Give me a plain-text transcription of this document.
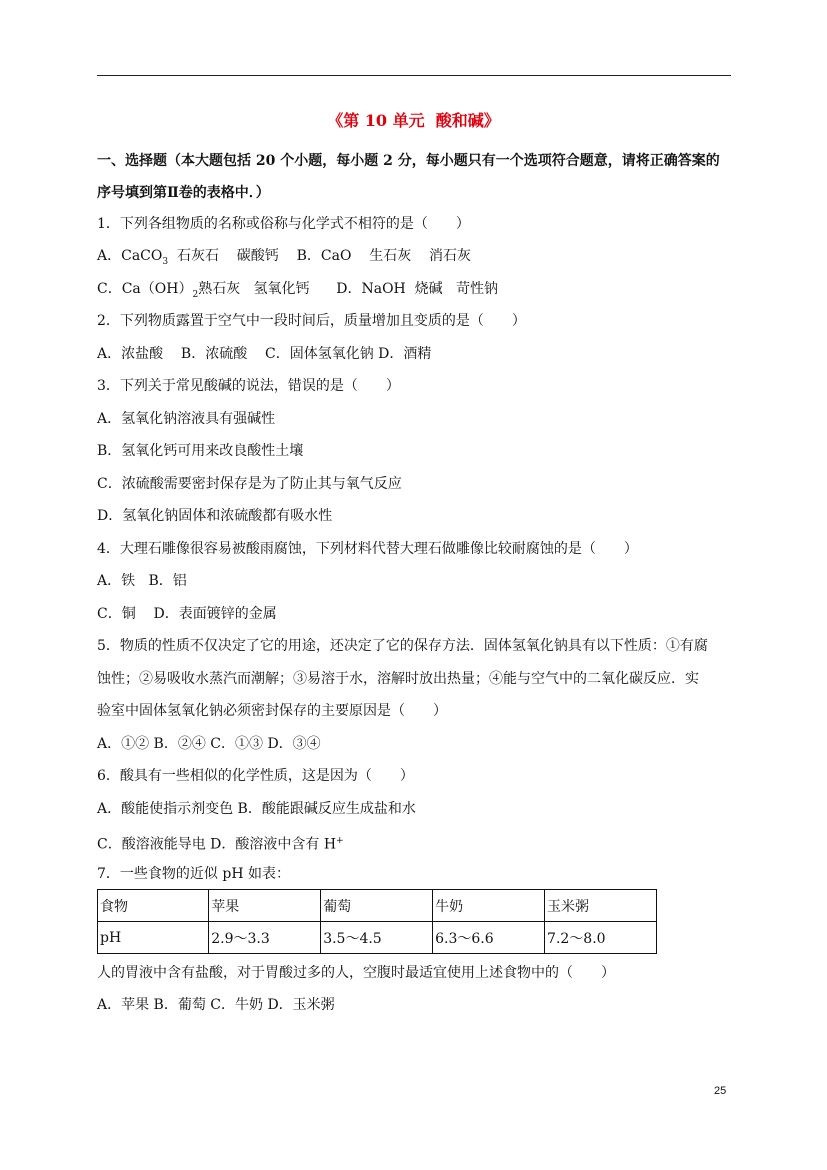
《第 10 单元  酸和碱》
一、选择题（本大题包括 20 个小题，每小题 2 分，每小题只有一个选项符合题意，请将正确答案的
序号填到第Ⅱ卷的表格中．）
1．下列各组物质的名称或俗称与化学式不相符的是（　　）
A．CaCO$_3$  石灰石    碳酸钙    B．CaO    生石灰    消石灰
C．$Ca(OH)_2$熟石灰   氢氧化钙      D．NaOH  烧碱   苛性钠
2．下列物质露置于空气中一段时间后，质量增加且变质的是（　　）
A．浓盐酸    B．浓硫酸    C．固体氢氧化钠 D．酒精
3．下列关于常见酸碱的说法，错误的是（　　）
A．氢氧化钠溶液具有强碱性
B．氢氧化钙可用来改良酸性土壤
C．浓硫酸需要密封保存是为了防止其与氧气反应
D．氢氧化钠固体和浓硫酸都有吸水性
4．大理石雕像很容易被酸雨腐蚀，下列材料代替大理石做雕像比较耐腐蚀的是（　　）
A．铁   B．铝
C．铜    D．表面镀锌的金属
5．物质的性质不仅决定了它的用途，还决定了它的保存方法．固体氢氧化钠具有以下性质：①有腐
蚀性；②易吸收水蒸汽而潮解；③易溶于水，溶解时放出热量；④能与空气中的二氧化碳反应．实
验室中固体氢氧化钠必须密封保存的主要原因是（　　）
A．①② B．②④ C．①③ D．③④
6．酸具有一些相似的化学性质，这是因为（　　）
A．酸能使指示剂变色 B．酸能跟碱反应生成盐和水
C．酸溶液能导电 D．酸溶液中含有 H+
7．一些食物的近似 pH 如表：
食物	苹果	葡萄	牛奶	玉米粥
pH	2.9～3.3	3.5～4.5	6.3～6.6	7.2～8.0
人的胃液中含有盐酸，对于胃酸过多的人，空腹时最适宜使用上述食物中的（　　）
A．苹果 B．葡萄 C．牛奶 D．玉米粥
25
